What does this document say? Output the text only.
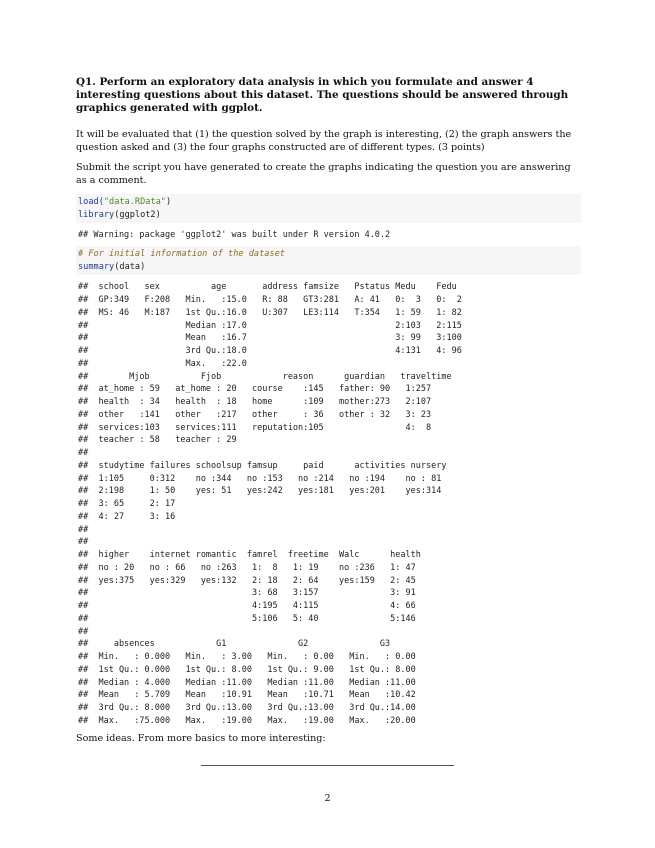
Q1. Perform an exploratory data analysis in which you formulate and answer 4 interesting questions about this dataset. The questions should be answered through graphics generated with ggplot.

It will be evaluated that (1) the question solved by the graph is interesting, (2) the graph answers the question asked and (3) the four graphs constructed are of different types. (3 points)

Submit the script you have generated to create the graphs indicating the question you are answering as a comment.

load("data.RData")
library(ggplot2)
## Warning: package 'ggplot2' was built under R version 4.0.2
# For initial information of the dataset
summary(data)
##  school   sex          age       address famsize   Pstatus Medu    Fedu
##  GP:349   F:208   Min.   :15.0   R: 88   GT3:281   A: 41   0:  3   0:  2
##  MS: 46   M:187   1st Qu.:16.0   U:307   LE3:114   T:354   1: 59   1: 82
##                   Median :17.0                             2:103   2:115
##                   Mean   :16.7                             3: 99   3:100
##                   3rd Qu.:18.0                             4:131   4: 96
##                   Max.   :22.0
##        Mjob          Fjob            reason      guardian   traveltime
##  at_home : 59   at_home : 20   course    :145   father: 90   1:257
##  health  : 34   health  : 18   home      :109   mother:273   2:107
##  other   :141   other   :217   other     : 36   other : 32   3: 23
##  services:103   services:111   reputation:105                4:  8
##  teacher : 58   teacher : 29
##
##  studytime failures schoolsup famsup     paid      activities nursery
##  1:105     0:312    no :344   no :153   no :214   no :194    no : 81
##  2:198     1: 50    yes: 51   yes:242   yes:181   yes:201    yes:314
##  3: 65     2: 17
##  4: 27     3: 16
##
##
##  higher    internet romantic  famrel  freetime  Walc      health
##  no : 20   no : 66   no :263   1:  8   1: 19    no :236   1: 47
##  yes:375   yes:329   yes:132   2: 18   2: 64    yes:159   2: 45
##                                3: 68   3:157              3: 91
##                                4:195   4:115              4: 66
##                                5:106   5: 40              5:146
##
##     absences            G1              G2              G3
##  Min.   : 0.000   Min.   : 3.00   Min.   : 0.00   Min.   : 0.00
##  1st Qu.: 0.000   1st Qu.: 8.00   1st Qu.: 9.00   1st Qu.: 8.00
##  Median : 4.000   Median :11.00   Median :11.00   Median :11.00
##  Mean   : 5.709   Mean   :10.91   Mean   :10.71   Mean   :10.42
##  3rd Qu.: 8.000   3rd Qu.:13.00   3rd Qu.:13.00   3rd Qu.:14.00
##  Max.   :75.000   Max.   :19.00   Max.   :19.00   Max.   :20.00

Some ideas. From more basics to more interesting:

2
